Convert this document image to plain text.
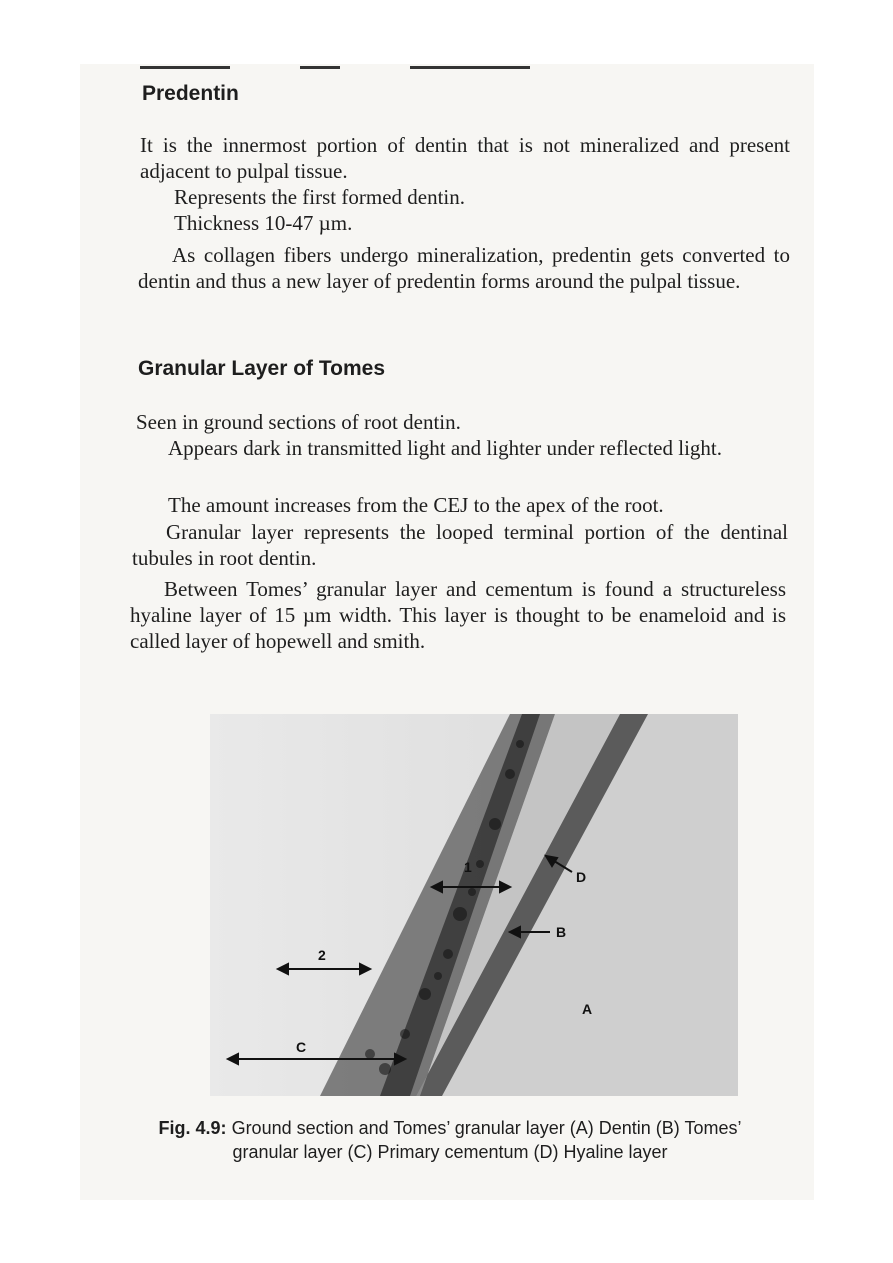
Predentin

It is the innermost portion of dentin that is not mineralized and present adjacent to pulpal tissue.

Represents the first formed dentin.

Thickness 10-47 µm.

As collagen fibers undergo mineralization, predentin gets converted to dentin and thus a new layer of predentin forms around the pulpal tissue.

Granular Layer of Tomes

Seen in ground sections of root dentin.

Appears dark in transmitted light and lighter under reflected light.

The amount increases from the CEJ to the apex of the root.

Granular layer represents the looped terminal portion of the dentinal tubules in root dentin.

Between Tomes’ granular layer and cementum is found a structureless hyaline layer of 15 µm width. This layer is thought to be enameloid and is called layer of hopewell and smith.

1
2
C
B
D
A

Fig. 4.9: Ground section and Tomes’ granular layer (A) Dentin (B) Tomes’ granular layer (C) Primary cementum (D) Hyaline layer
